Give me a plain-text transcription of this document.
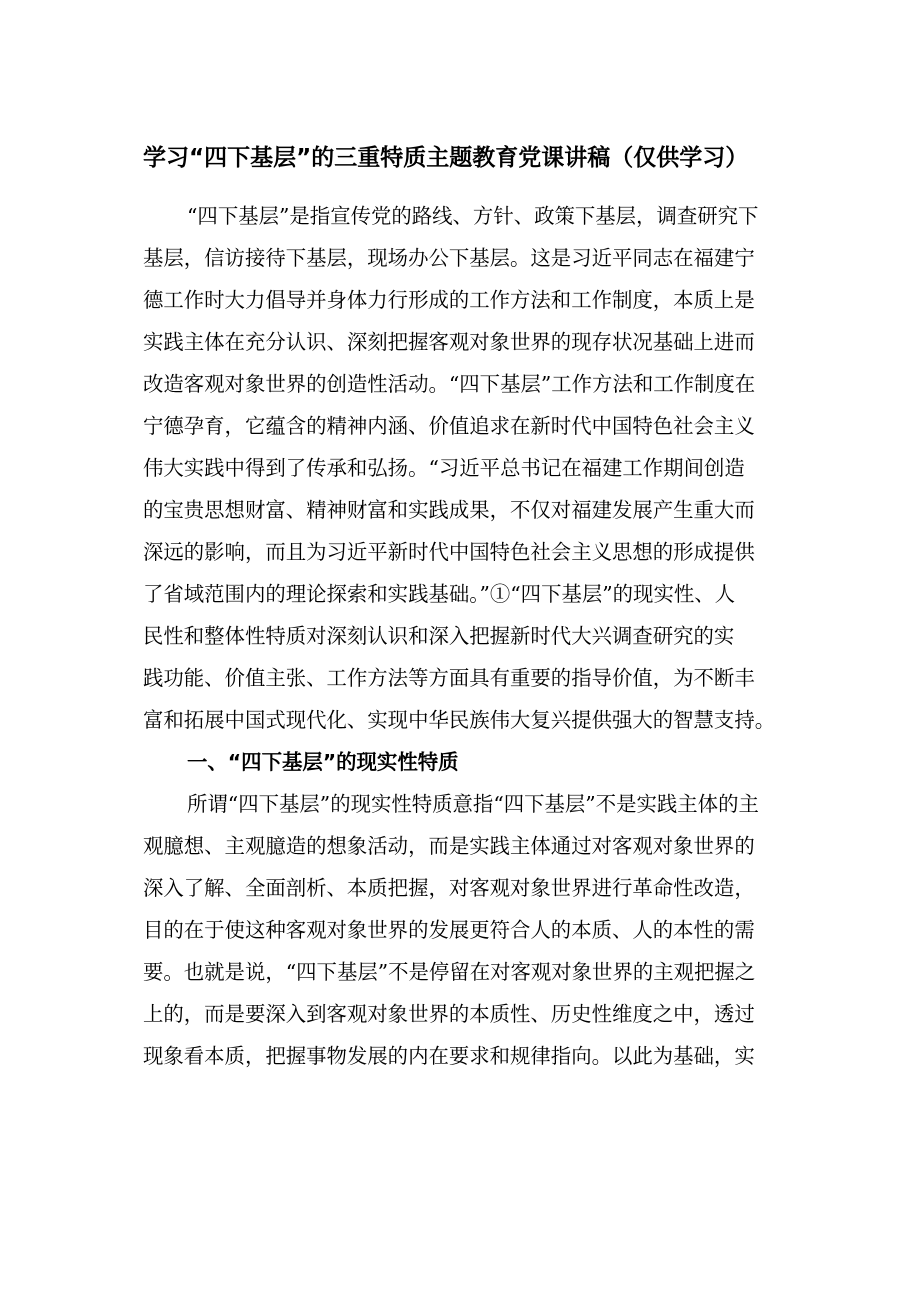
学习“四下基层”的三重特质主题教育党课讲稿（仅供学习）
“四下基层”是指宣传党的路线、方针、政策下基层，调查研究下
基层，信访接待下基层，现场办公下基层。这是习近平同志在福建宁
德工作时大力倡导并身体力行形成的工作方法和工作制度，本质上是
实践主体在充分认识、深刻把握客观对象世界的现存状况基础上进而
改造客观对象世界的创造性活动。“四下基层”工作方法和工作制度在
宁德孕育，它蕴含的精神内涵、价值追求在新时代中国特色社会主义
伟大实践中得到了传承和弘扬。“习近平总书记在福建工作期间创造
的宝贵思想财富、精神财富和实践成果，不仅对福建发展产生重大而
深远的影响，而且为习近平新时代中国特色社会主义思想的形成提供
了省域范围内的理论探索和实践基础。”①“四下基层”的现实性、人
民性和整体性特质对深刻认识和深入把握新时代大兴调查研究的实
践功能、价值主张、工作方法等方面具有重要的指导价值，为不断丰
富和拓展中国式现代化、实现中华民族伟大复兴提供强大的智慧支持。
一、“四下基层”的现实性特质
所谓“四下基层”的现实性特质意指“四下基层”不是实践主体的主
观臆想、主观臆造的想象活动，而是实践主体通过对客观对象世界的
深入了解、全面剖析、本质把握，对客观对象世界进行革命性改造，
目的在于使这种客观对象世界的发展更符合人的本质、人的本性的需
要。也就是说，“四下基层”不是停留在对客观对象世界的主观把握之
上的，而是要深入到客观对象世界的本质性、历史性维度之中，透过
现象看本质，把握事物发展的内在要求和规律指向。以此为基础，实
